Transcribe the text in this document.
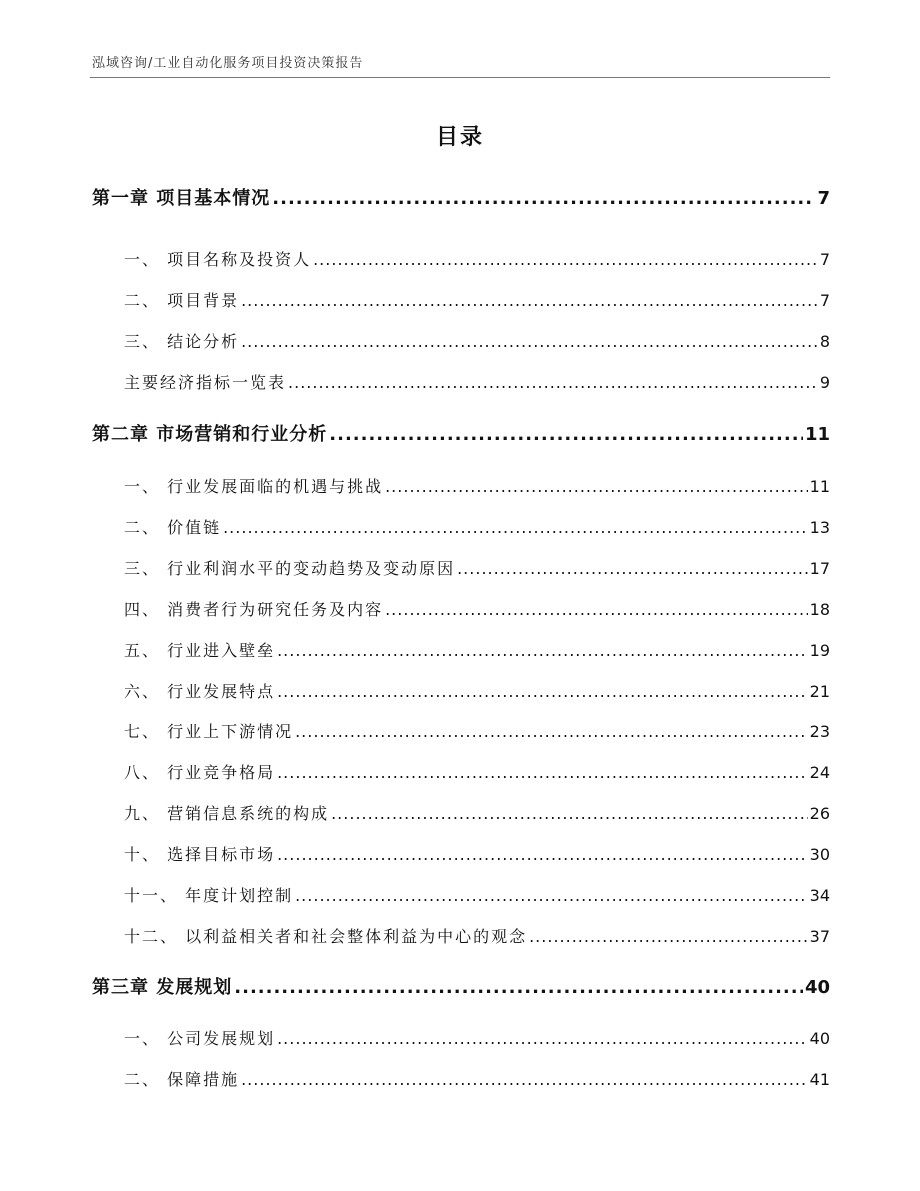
泓域咨询/工业自动化服务项目投资决策报告
目录
第一章 项目基本情况 .....	7
一、 项目名称及投资人 .....	7
二、 项目背景 .....	7
三、 结论分析 .....	8
主要经济指标一览表 .....	9
第二章 市场营销和行业分析 .....	11
一、 行业发展面临的机遇与挑战 .....	11
二、 价值链 .....	13
三、 行业利润水平的变动趋势及变动原因 .....	17
四、 消费者行为研究任务及内容 .....	18
五、 行业进入壁垒 .....	19
六、 行业发展特点 .....	21
七、 行业上下游情况 .....	23
八、 行业竞争格局 .....	24
九、 营销信息系统的构成 .....	26
十、 选择目标市场 .....	30
十一、 年度计划控制 .....	34
十二、 以利益相关者和社会整体利益为中心的观念 .....	37
第三章 发展规划 .....	40
一、 公司发展规划 .....	40
二、 保障措施 .....	41
